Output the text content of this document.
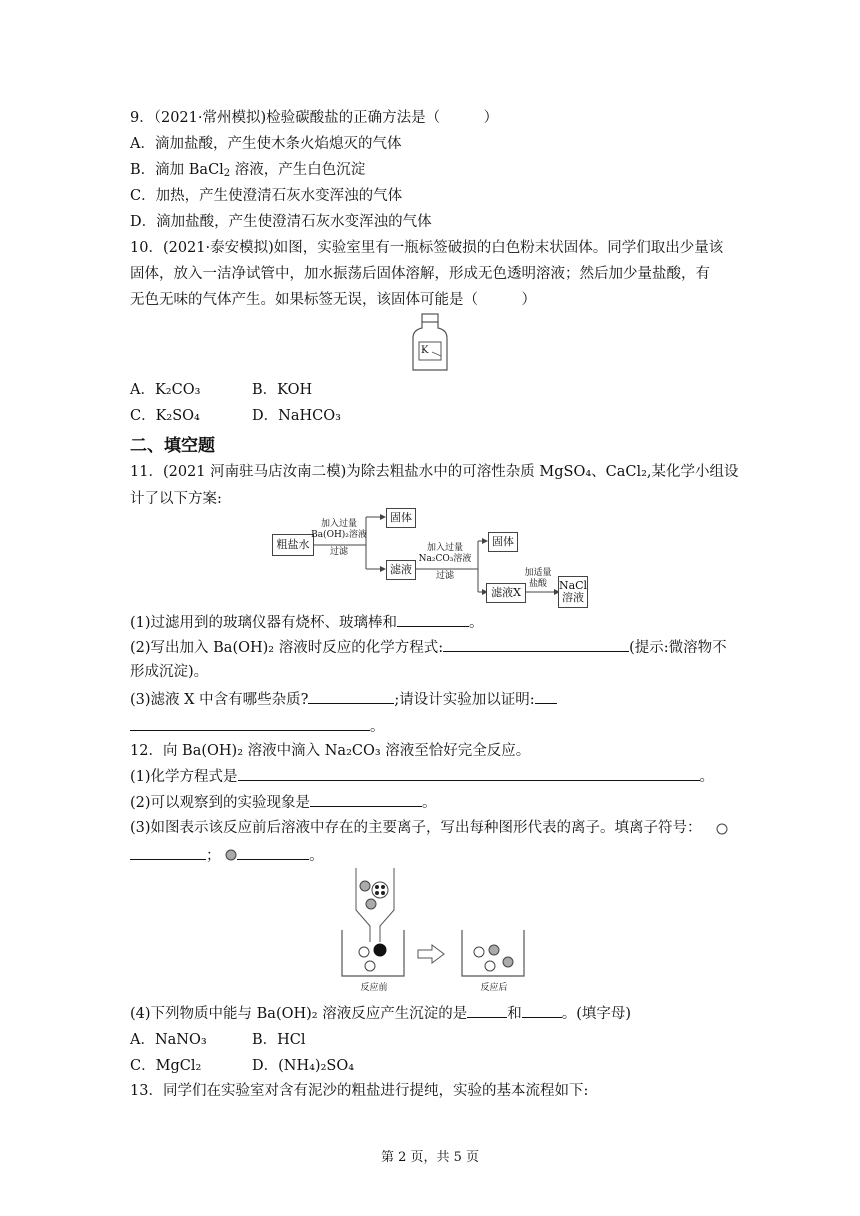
9．（2021·常州模拟)检验碳酸盐的正确方法是（　　　）
A．滴加盐酸，产生使木条火焰熄灭的气体
B．滴加 BaCl$_2$ 溶液，产生白色沉淀
C．加热，产生使澄清石灰水变浑浊的气体
D．滴加盐酸，产生使澄清石灰水变浑浊的气体
10．(2021·泰安模拟)如图，实验室里有一瓶标签破损的白色粉末状固体。同学们取出少量该
固体，放入一洁净试管中，加水振荡后固体溶解，形成无色透明溶液；然后加少量盐酸，有
无色无味的气体产生。如果标签无误，该固体可能是（　　　）
K
A．K₂CO₃	B．KOH
C．K₂SO₄	D．NaHCO₃
二、填空题
11．(2021 河南驻马店汝南二模)为除去粗盐水中的可溶性杂质 MgSO₄、CaCl₂,某化学小组设
计了以下方案:
粗盐水
加入过量
Ba(OH)₂溶液
过滤
固体
滤液
加入过量
Na₂CO₃溶液
过滤
固体
滤液X
加适量
盐酸	NaCl
溶液
(1)过滤用到的玻璃仪器有烧杯、玻璃棒和	。
(2)写出加入 Ba(OH)₂ 溶液时反应的化学方程式:	(提示:微溶物不
形成沉淀)。
(3)滤液 X 中含有哪些杂质?	;请设计实验加以证明:
。
12．向 Ba(OH)₂ 溶液中滴入 Na₂CO₃ 溶液至恰好完全反应。
(1)化学方程式是	。
(2)可以观察到的实验现象是	。
(3)如图表示该反应前后溶液中存在的主要离子，写出每种图形代表的离子。填离子符号：
；	。
反应前	反应后
(4)下列物质中能与 Ba(OH)₂ 溶液反应产生沉淀的是	和	。(填字母)
A．NaNO₃	B．HCl
C．MgCl₂	D．(NH₄)₂SO₄
13．同学们在实验室对含有泥沙的粗盐进行提纯，实验的基本流程如下:
第 2 页，共 5 页
